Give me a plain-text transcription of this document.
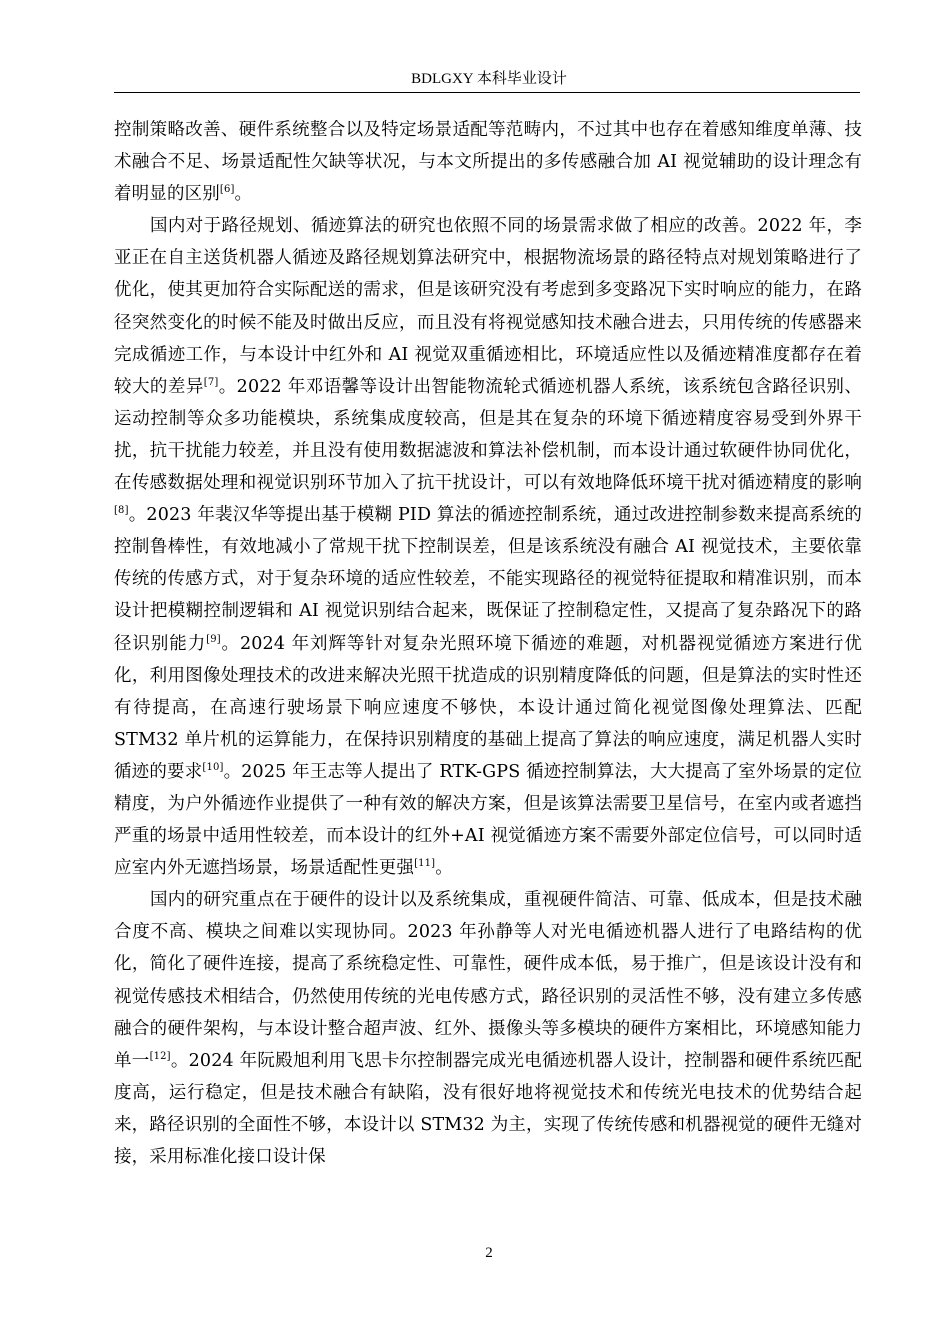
BDLGXY 本科毕业设计

控制策略改善、硬件系统整合以及特定场景适配等范畴内，不过其中也存在着感知维度单薄、技术融合不足、场景适配性欠缺等状况，与本文所提出的多传感融合加 AI 视觉辅助的设计理念有着明显的区别[6]。

国内对于路径规划、循迹算法的研究也依照不同的场景需求做了相应的改善。2022 年，李亚正在自主送货机器人循迹及路径规划算法研究中，根据物流场景的路径特点对规划策略进行了优化，使其更加符合实际配送的需求，但是该研究没有考虑到多变路况下实时响应的能力，在路径突然变化的时候不能及时做出反应，而且没有将视觉感知技术融合进去，只用传统的传感器来完成循迹工作，与本设计中红外和 AI 视觉双重循迹相比，环境适应性以及循迹精准度都存在着较大的差异[7]。2022 年邓语馨等设计出智能物流轮式循迹机器人系统，该系统包含路径识别、运动控制等众多功能模块，系统集成度较高，但是其在复杂的环境下循迹精度容易受到外界干扰，抗干扰能力较差，并且没有使用数据滤波和算法补偿机制，而本设计通过软硬件协同优化，在传感数据处理和视觉识别环节加入了抗干扰设计，可以有效地降低环境干扰对循迹精度的影响[8]。2023 年裴汉华等提出基于模糊 PID 算法的循迹控制系统，通过改进控制参数来提高系统的控制鲁棒性，有效地减小了常规干扰下控制误差，但是该系统没有融合 AI 视觉技术，主要依靠传统的传感方式，对于复杂环境的适应性较差，不能实现路径的视觉特征提取和精准识别，而本设计把模糊控制逻辑和 AI 视觉识别结合起来，既保证了控制稳定性，又提高了复杂路况下的路径识别能力[9]。2024 年刘辉等针对复杂光照环境下循迹的难题，对机器视觉循迹方案进行优化，利用图像处理技术的改进来解决光照干扰造成的识别精度降低的问题，但是算法的实时性还有待提高，在高速行驶场景下响应速度不够快，本设计通过简化视觉图像处理算法、匹配 STM32 单片机的运算能力，在保持识别精度的基础上提高了算法的响应速度，满足机器人实时循迹的要求[10]。2025 年王志等人提出了 RTK-GPS 循迹控制算法，大大提高了室外场景的定位精度，为户外循迹作业提供了一种有效的解决方案，但是该算法需要卫星信号，在室内或者遮挡严重的场景中适用性较差，而本设计的红外+AI 视觉循迹方案不需要外部定位信号，可以同时适应室内外无遮挡场景，场景适配性更强[11]。

国内的研究重点在于硬件的设计以及系统集成，重视硬件简洁、可靠、低成本，但是技术融合度不高、模块之间难以实现协同。2023 年孙静等人对光电循迹机器人进行了电路结构的优化，简化了硬件连接，提高了系统稳定性、可靠性，硬件成本低，易于推广，但是该设计没有和视觉传感技术相结合，仍然使用传统的光电传感方式，路径识别的灵活性不够，没有建立多传感融合的硬件架构，与本设计整合超声波、红外、摄像头等多模块的硬件方案相比，环境感知能力单一[12]。2024 年阮殿旭利用飞思卡尔控制器完成光电循迹机器人设计，控制器和硬件系统匹配度高，运行稳定，但是技术融合有缺陷，没有很好地将视觉技术和传统光电技术的优势结合起来，路径识别的全面性不够，本设计以 STM32 为主，实现了传统传感和机器视觉的硬件无缝对接，采用标准化接口设计保

2
